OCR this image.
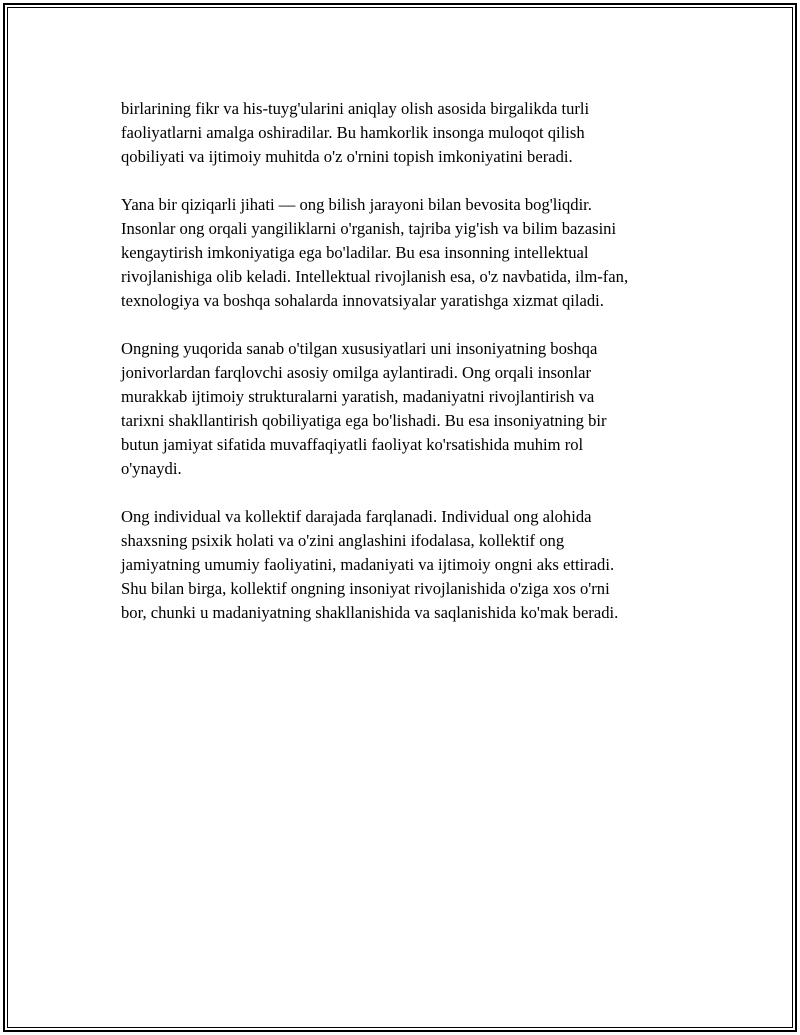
birlarining fikr va his-tuyg'ularini aniqlay olish asosida birgalikda turli
faoliyatlarni amalga oshiradilar. Bu hamkorlik insonga muloqot qilish
qobiliyati va ijtimoiy muhitda o'z o'rnini topish imkoniyatini beradi.

Yana bir qiziqarli jihati — ong bilish jarayoni bilan bevosita bog'liqdir.
Insonlar ong orqali yangiliklarni o'rganish, tajriba yig'ish va bilim bazasini
kengaytirish imkoniyatiga ega bo'ladilar. Bu esa insonning intellektual
rivojlanishiga olib keladi. Intellektual rivojlanish esa, o'z navbatida, ilm-fan,
texnologiya va boshqa sohalarda innovatsiyalar yaratishga xizmat qiladi.

Ongning yuqorida sanab o'tilgan xususiyatlari uni insoniyatning boshqa
jonivorlardan farqlovchi asosiy omilga aylantiradi. Ong orqali insonlar
murakkab ijtimoiy strukturalarni yaratish, madaniyatni rivojlantirish va
tarixni shakllantirish qobiliyatiga ega bo'lishadi. Bu esa insoniyatning bir
butun jamiyat sifatida muvaffaqiyatli faoliyat ko'rsatishida muhim rol
o'ynaydi.

Ong individual va kollektif darajada farqlanadi. Individual ong alohida
shaxsning psixik holati va o'zini anglashini ifodalasa, kollektif ong
jamiyatning umumiy faoliyatini, madaniyati va ijtimoiy ongni aks ettiradi.
Shu bilan birga, kollektif ongning insoniyat rivojlanishida o'ziga xos o'rni
bor, chunki u madaniyatning shakllanishida va saqlanishida ko'mak beradi.
